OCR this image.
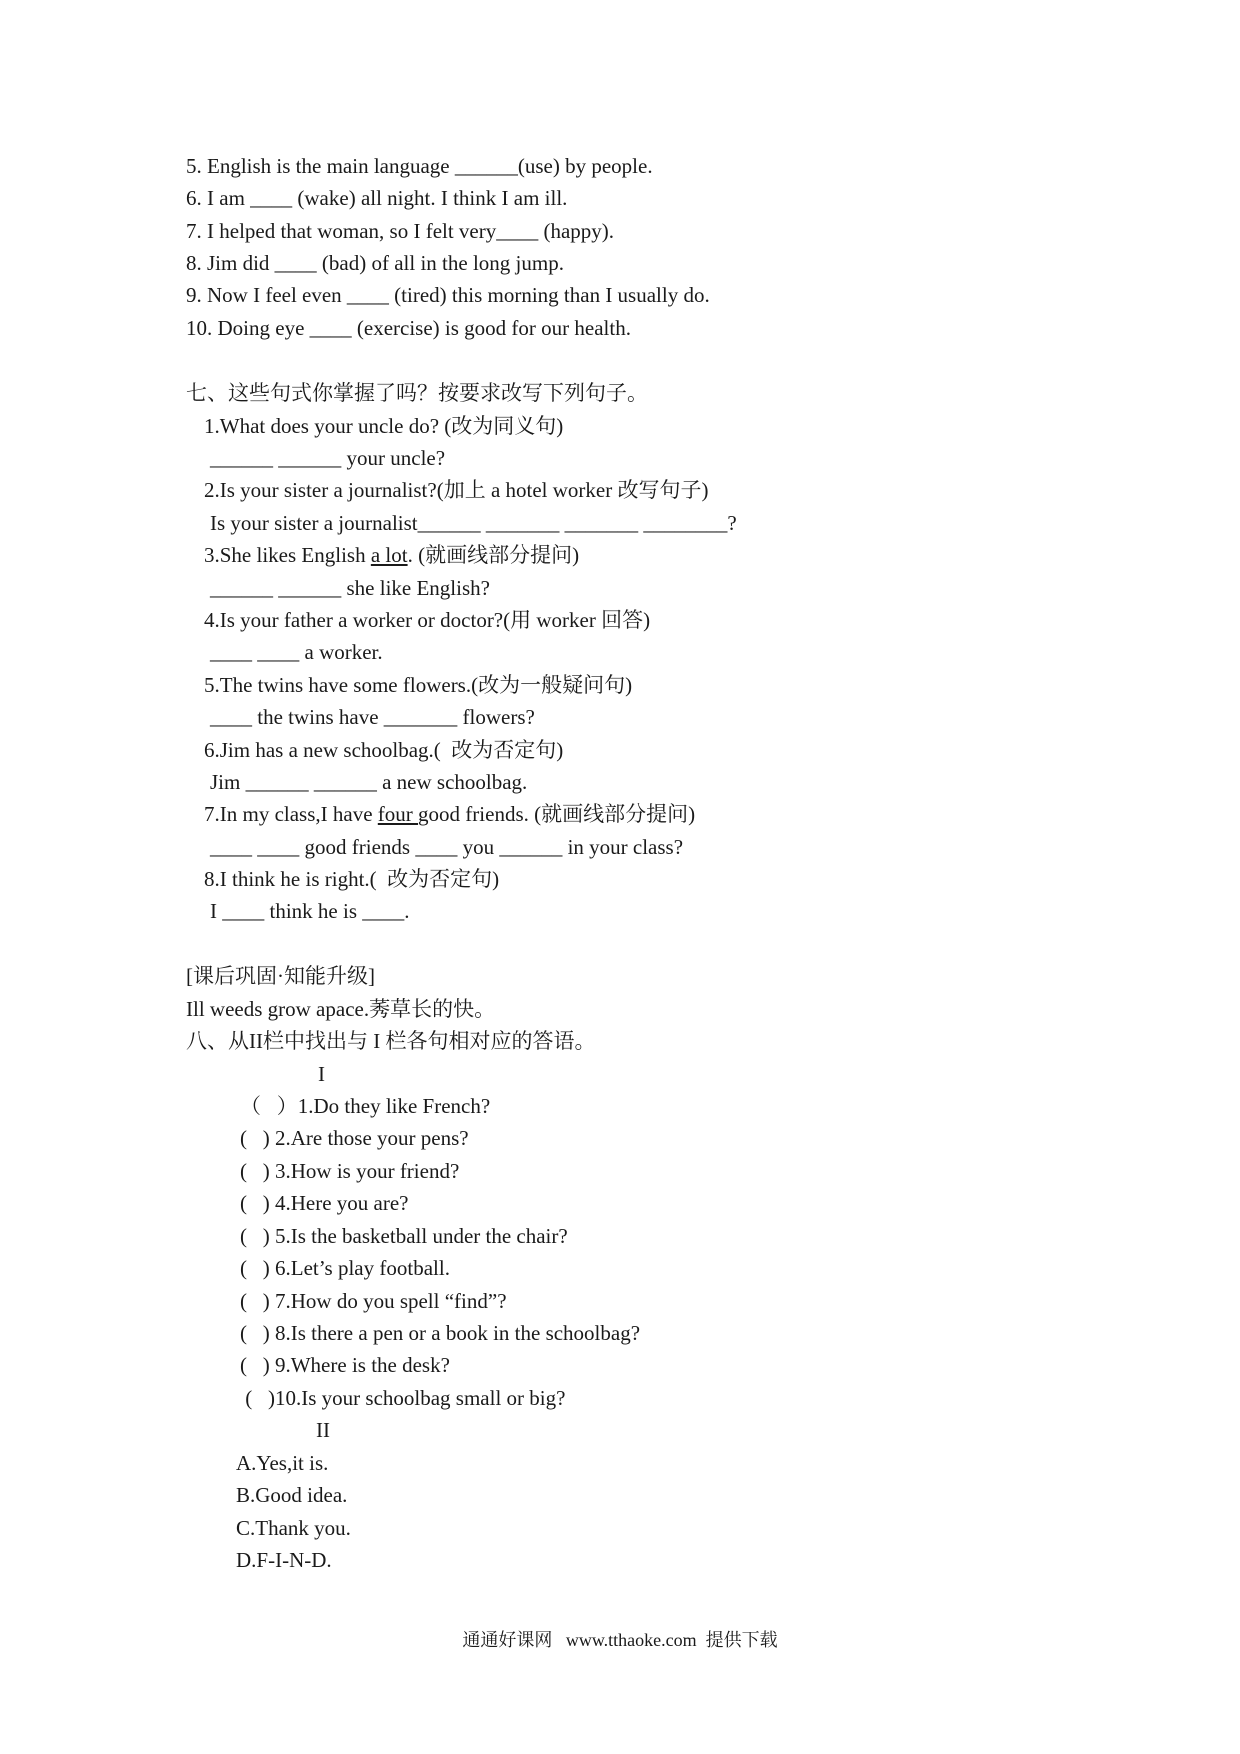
5. English is the main language ______(use) by people.
6. I am ____ (wake) all night. I think I am ill.
7. I helped that woman, so I felt very____ (happy).
8. Jim did ____ (bad) of all in the long jump.
9. Now I feel even ____ (tired) this morning than I usually do.
10. Doing eye ____ (exercise) is good for our health.
七、这些句式你掌握了吗？按要求改写下列句子。
1.What does your uncle do? (改为同义句)
______ ______ your uncle?
2.Is your sister a journalist?(加上 a hotel worker 改写句子)
Is your sister a journalist______ _______ _______ ________?
3.She likes English a lot. (就画线部分提问)
______ ______ she like English?
4.Is your father a worker or doctor?(用 worker 回答)
____ ____ a worker.
5.The twins have some flowers.(改为一般疑问句)
____ the twins have _______ flowers?
6.Jim has a new schoolbag.(  改为否定句)
Jim ______ ______ a new schoolbag.
7.In my class,I have four good friends. (就画线部分提问)
____ ____ good friends ____ you ______ in your class?
8.I think he is right.(  改为否定句)
I ____ think he is ____.
[课后巩固·知能升级]
Ill weeds grow apace.莠草长的快。
八、从II栏中找出与 I 栏各句相对应的答语。
I
（   ）1.Do they like French?
(   ) 2.Are those your pens?
(   ) 3.How is your friend?
(   ) 4.Here you are?
(   ) 5.Is the basketball under the chair?
(   ) 6.Let’s play football.
(   ) 7.How do you spell “find”?
(   ) 8.Is there a pen or a book in the schoolbag?
(   ) 9.Where is the desk?
(   )10.Is your schoolbag small or big?
II
A.Yes,it is.
B.Good idea.
C.Thank you.
D.F-I-N-D.
通通好课网   www.tthaoke.com  提供下载
